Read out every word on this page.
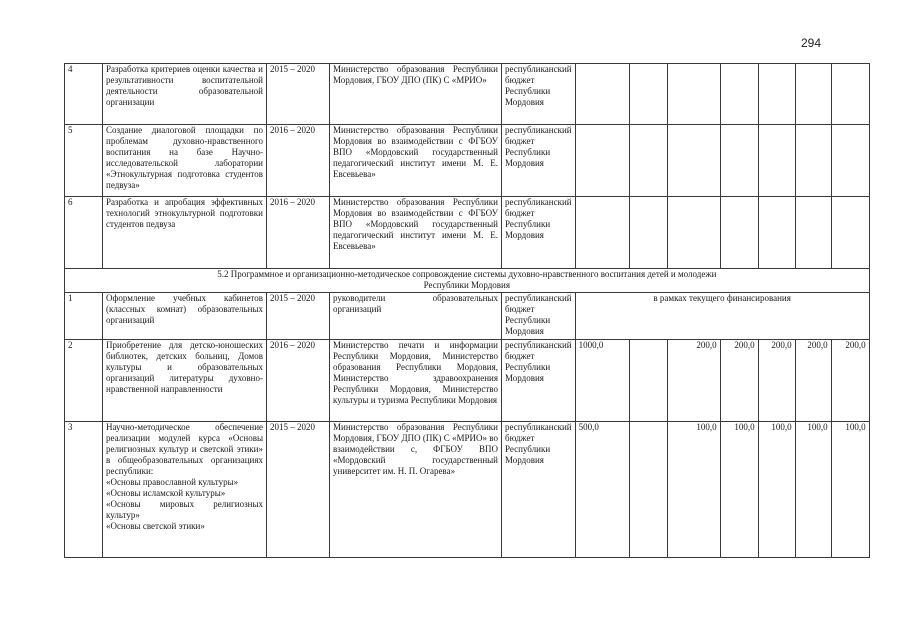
294
4	Разработка критериев оценки качества и результативности воспитательной деятельности образовательной организации	2015 – 2020	Министерство образования Республики Мордовия, ГБОУ ДПО (ПК) С «МРИО»	республиканский бюджет Республики Мордовия							
5	Создание диалоговой площадки по проблемам духовно-нравственного воспитания на базе Научно-исследовательской лаборатории «Этнокультурная подготовка студентов педвуза»	2016 – 2020	Министерство образования Республики Мордовия во взаимодействии с ФГБОУ ВПО «Мордовский государственный педагогический институт имени М. Е. Евсевьева»	республиканский бюджет Республики Мордовия							
6	Разработка и апробация эффективных технологий этнокультурной подготовки студентов педвуза	2016 – 2020	Министерство образования Республики Мордовия во взаимодействии с ФГБОУ ВПО «Мордовский государственный педагогический институт имени М. Е. Евсевьева»	республиканский бюджет Республики Мордовия							

5.2 Программное и организационно-методическое сопровождение системы духовно-нравственного воспитания детей и молодежи
Республики Мордовия											

1	Оформление учебных кабинетов (классных комнат) образовательных организаций	2015 – 2020	руководители образовательных организаций	республиканский бюджет Республики Мордовия	в рамках текущего финансирования						
2	Приобретение для детско-юношеских библиотек, детских больниц, Домов культуры и образовательных организаций литературы духовно-нравственной направленности	2016 – 2020	Министерство печати и информации Республики Мордовия, Министерство образования Республики Мордовия, Министерство здравоохранения Республики Мордовия, Министерство культуры и туризма Республики Мордовия	республиканский бюджет Республики Мордовия	1000,0		200,0	200,0	200,0	200,0	200,0
3	Научно-методическое обеспечение реализации модулей курса «Основы религиозных культур и светской этики» в общеобразовательных организациях республики:
«Основы православной культуры»
«Основы исламской культуры»
«Основы мировых религиозных культур»
«Основы светской этики»	2015 – 2020	Министерство образования Республики Мордовия, ГБОУ ДПО (ПК) С «МРИО» во взаимодействии с, ФГБОУ ВПО «Мордовский государственный университет им. Н. П. Огарева»	республиканский бюджет Республики Мордовия	500,0		100,0	100,0	100,0	100,0	100,0
